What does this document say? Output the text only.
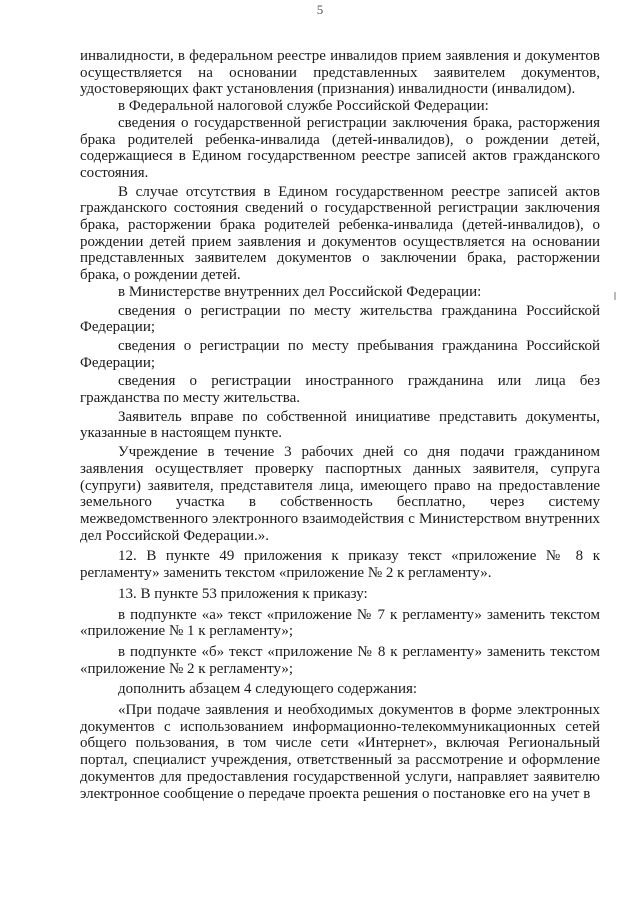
5

инвалидности, в федеральном реестре инвалидов прием заявления и документов осуществляется на основании представленных заявителем документов, удостоверяющих факт установления (признания) инвалидности (инвалидом).

в Федеральной налоговой службе Российской Федерации:

сведения о государственной регистрации заключения брака, расторжения брака родителей ребенка-инвалида (детей-инвалидов), о рождении детей, содержащиеся в Едином государственном реестре записей актов гражданского состояния.

В случае отсутствия в Едином государственном реестре записей актов гражданского состояния сведений о государственной регистрации заключения брака, расторжении брака родителей ребенка-инвалида (детей-инвалидов), о рождении детей прием заявления и документов осуществляется на основании представленных заявителем документов о заключении брака, расторжении брака, о рождении детей.

в Министерстве внутренних дел Российской Федерации:

сведения о регистрации по месту жительства гражданина Российской Федерации;

сведения о регистрации по месту пребывания гражданина Российской Федерации;

сведения о регистрации иностранного гражданина или лица без гражданства по месту жительства.

Заявитель вправе по собственной инициативе представить документы, указанные в настоящем пункте.

Учреждение в течение 3 рабочих дней со дня подачи гражданином заявления осуществляет проверку паспортных данных заявителя, супруга (супруги) заявителя, представителя лица, имеющего право на предоставление земельного участка в собственность бесплатно, через систему межведомственного электронного взаимодействия с Министерством внутренних дел Российской Федерации.».

12. В пункте 49 приложения к приказу текст «приложение № 8 к регламенту» заменить текстом «приложение № 2 к регламенту».

13. В пункте 53 приложения к приказу:

в подпункте «а» текст «приложение № 7 к регламенту» заменить текстом «приложение № 1 к регламенту»;

в подпункте «б» текст «приложение № 8 к регламенту» заменить текстом «приложение № 2 к регламенту»;

дополнить абзацем 4 следующего содержания:

«При подаче заявления и необходимых документов в форме электронных документов с использованием информационно-телекоммуникационных сетей общего пользования, в том числе сети «Интернет», включая Региональный портал, специалист учреждения, ответственный за рассмотрение и оформление документов для предоставления государственной услуги, направляет заявителю электронное сообщение о передаче проекта решения о постановке его на учет в
